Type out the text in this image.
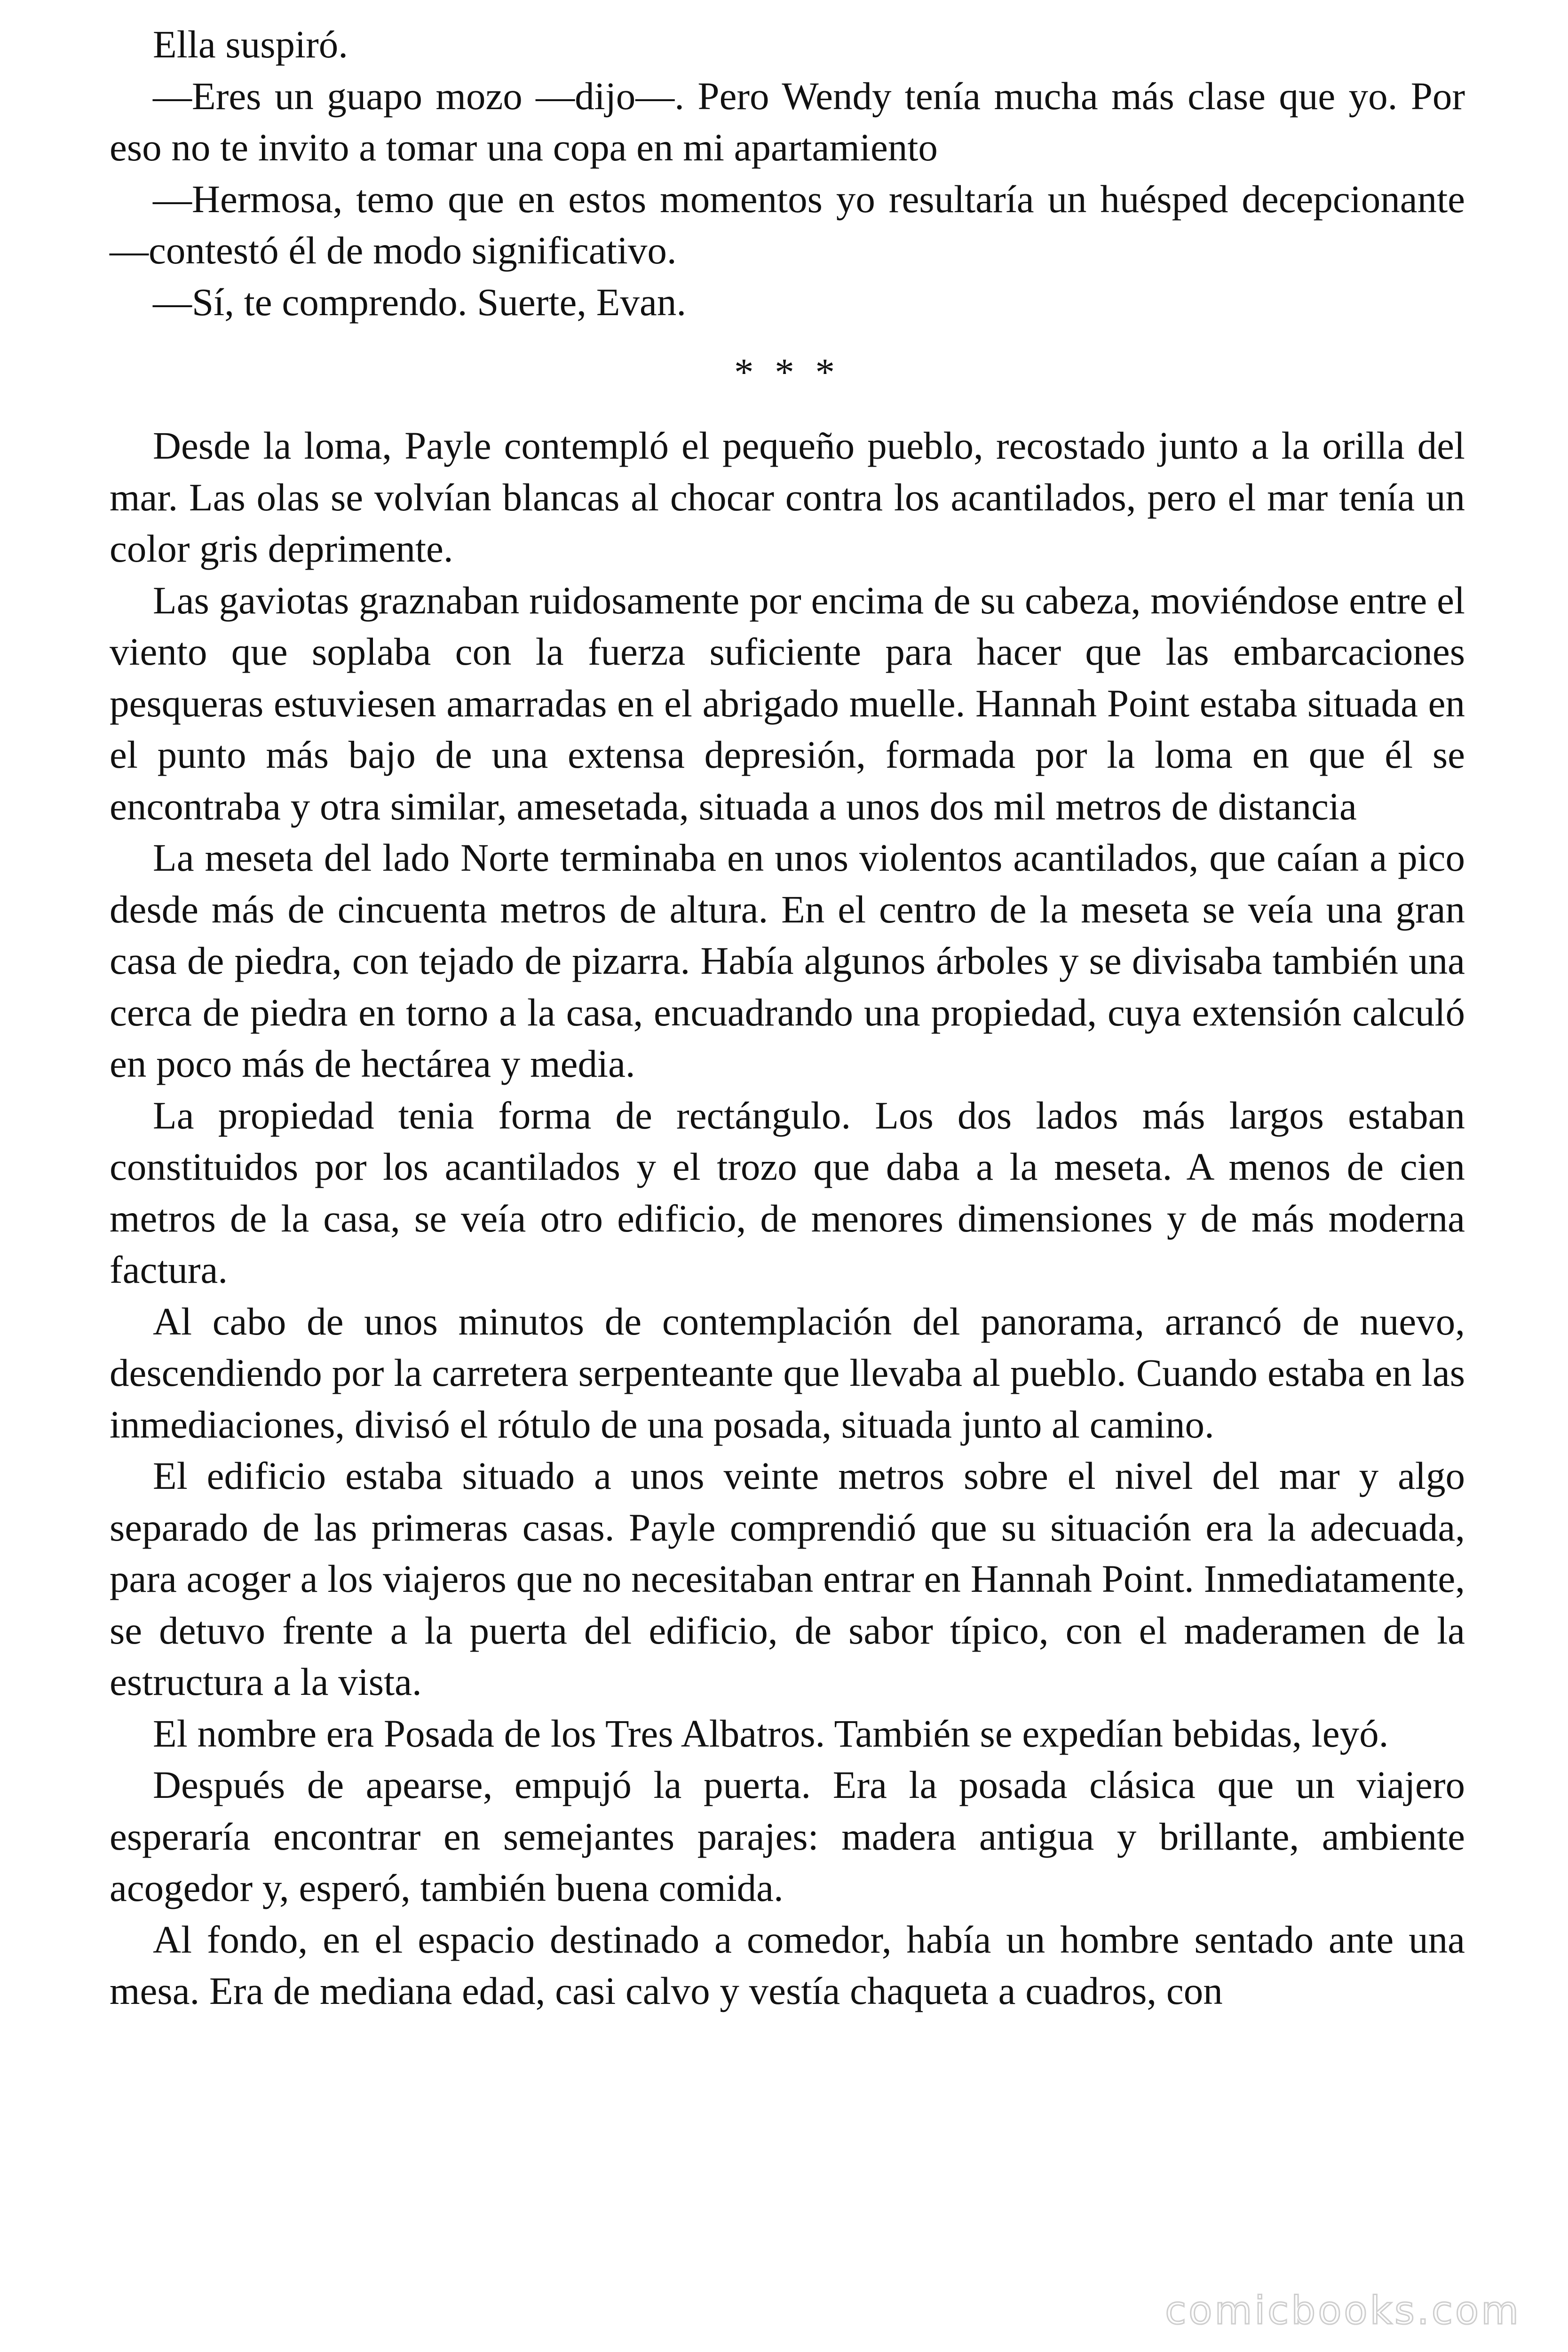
Ella suspiró.

—Eres un guapo mozo —dijo—. Pero Wendy tenía mucha más clase que yo. Por eso no te invito a tomar una copa en mi apartamiento

—Hermosa, temo que en estos momentos yo resultaría un huésped decepcionante —contestó él de modo significativo.

—Sí, te comprendo. Suerte, Evan.

* * *

Desde la loma, Payle contempló el pequeño pueblo, recostado junto a la orilla del mar. Las olas se volvían blancas al chocar contra los acantilados, pero el mar tenía un color gris deprimente.

Las gaviotas graznaban ruidosamente por encima de su cabeza, moviéndose entre el viento que soplaba con la fuerza suficiente para hacer que las embarcaciones pesqueras estuviesen amarradas en el abrigado muelle. Hannah Point estaba situada en el punto más bajo de una extensa depresión, formada por la loma en que él se encontraba y otra similar, amesetada, situada a unos dos mil metros de distancia

La meseta del lado Norte terminaba en unos violentos acantilados, que caían a pico desde más de cincuenta metros de altura. En el centro de la meseta se veía una gran casa de piedra, con tejado de pizarra. Había algunos árboles y se divisaba también una cerca de piedra en torno a la casa, encuadrando una propiedad, cuya extensión calculó en poco más de hectárea y media.

La propiedad tenia forma de rectángulo. Los dos lados más largos estaban constituidos por los acantilados y el trozo que daba a la meseta. A menos de cien metros de la casa, se veía otro edificio, de menores dimensiones y de más moderna factura.

Al cabo de unos minutos de contemplación del panorama, arrancó de nuevo, descendiendo por la carretera serpenteante que llevaba al pueblo. Cuando estaba en las inmediaciones, divisó el rótulo de una posada, situada junto al camino.

El edificio estaba situado a unos veinte metros sobre el nivel del mar y algo separado de las primeras casas. Payle comprendió que su situación era la adecuada, para acoger a los viajeros que no necesitaban entrar en Hannah Point. Inmediatamente, se detuvo frente a la puerta del edificio, de sabor típico, con el maderamen de la estructura a la vista.

El nombre era Posada de los Tres Albatros. También se expedían bebidas, leyó.

Después de apearse, empujó la puerta. Era la posada clásica que un viajero esperaría encontrar en semejantes parajes: madera antigua y brillante, ambiente acogedor y, esperó, también buena comida.

Al fondo, en el espacio destinado a comedor, había un hombre sentado ante una mesa. Era de mediana edad, casi calvo y vestía chaqueta a cuadros, con

comicbooks.com
